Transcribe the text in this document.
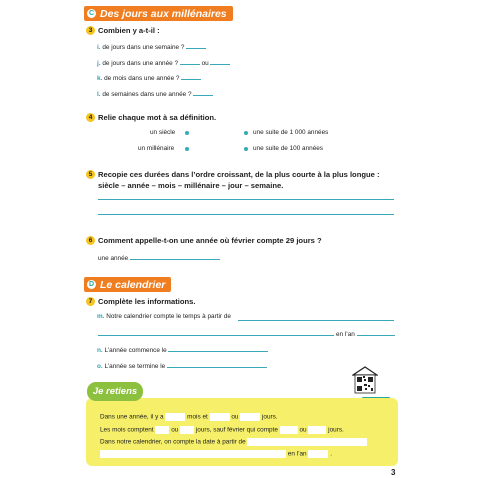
C Des jours aux millénaires
3 Combien y a-t-il :
i. de jours dans une semaine ?
j. de jours dans une année ?	ou
k. de mois dans une année ?
l. de semaines dans une année ?
4 Relie chaque mot à sa définition.
un siècle	une suite de 1 000 années
un millénaire	une suite de 100 années
5 Recopie ces durées dans l’ordre croissant, de la plus courte à la plus longue :
siècle – année – mois – millénaire – jour – semaine.
6 Comment appelle-t-on une année où février compte 29 jours ?
une année
D Le calendrier
7 Complète les informations.
m. Notre calendrier compte le temps à partir de
en l’an
n. L’année commence le
o. L’année se termine le
Je retiens
Dans une année, il y a	mois et	ou	jours.
Les mois comptent	ou	jours, sauf février qui compte	ou	jours.
Dans notre calendrier, on compte la date à partir de
en l’an	.
3
